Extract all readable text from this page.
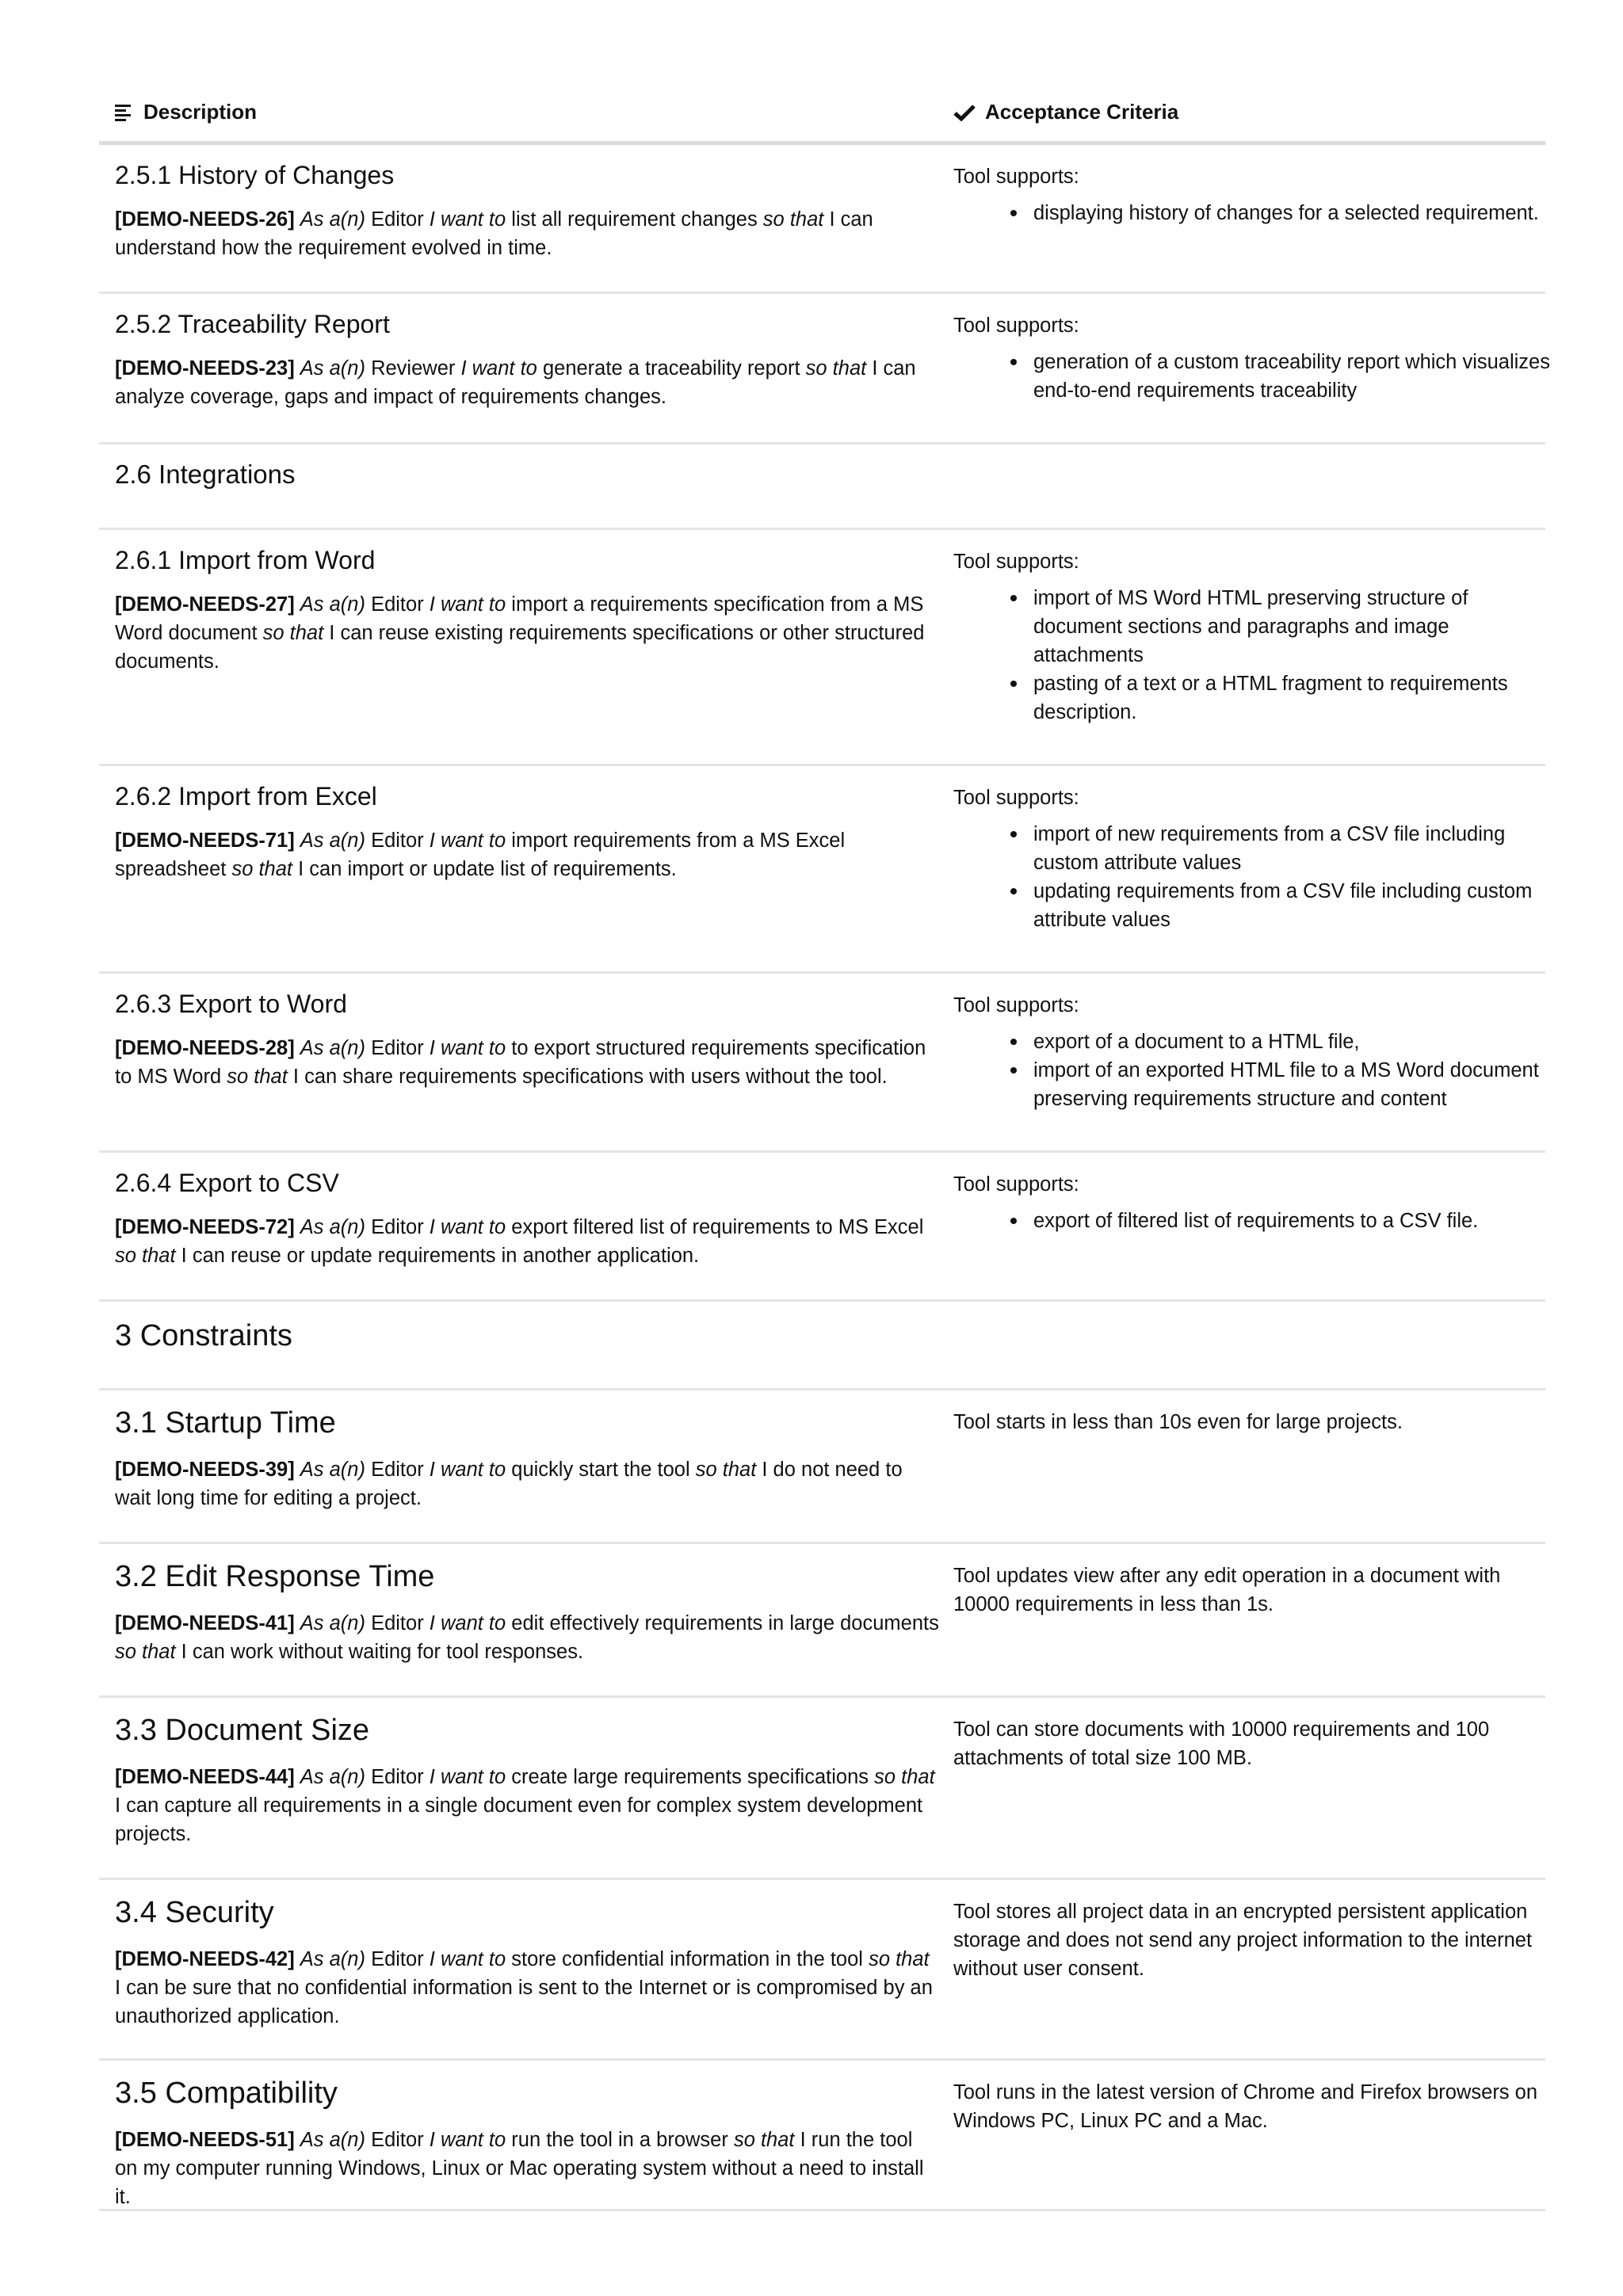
Description	Acceptance Criteria
2.5.1 History of Changes
[DEMO-NEEDS-26] As a(n) Editor I want to list all requirement changes so that I can understand how the requirement evolved in time.
Tool supports:
displaying history of changes for a selected requirement.
2.5.2 Traceability Report
[DEMO-NEEDS-23] As a(n) Reviewer I want to generate a traceability report so that I can analyze coverage, gaps and impact of requirements changes.
Tool supports:
generation of a custom traceability report which visualizes end-to-end requirements traceability
2.6 Integrations
2.6.1 Import from Word
[DEMO-NEEDS-27] As a(n) Editor I want to import a requirements specification from a MS Word document so that I can reuse existing requirements specifications or other structured documents.
Tool supports:
import of MS Word HTML preserving structure of document sections and paragraphs and image attachments
pasting of a text or a HTML fragment to requirements description.
2.6.2 Import from Excel
[DEMO-NEEDS-71] As a(n) Editor I want to import requirements from a MS Excel spreadsheet so that I can import or update list of requirements.
Tool supports:
import of new requirements from a CSV file including custom attribute values
updating requirements from a CSV file including custom attribute values
2.6.3 Export to Word
[DEMO-NEEDS-28] As a(n) Editor I want to to export structured requirements specification to MS Word so that I can share requirements specifications with users without the tool.
Tool supports:
export of a document to a HTML file,
import of an exported HTML file to a MS Word document preserving requirements structure and content
2.6.4 Export to CSV
[DEMO-NEEDS-72] As a(n) Editor I want to export filtered list of requirements to MS Excel so that I can reuse or update requirements in another application.
Tool supports:
export of filtered list of requirements to a CSV file.
3 Constraints
3.1 Startup Time
[DEMO-NEEDS-39] As a(n) Editor I want to quickly start the tool so that I do not need to wait long time for editing a project.
Tool starts in less than 10s even for large projects.
3.2 Edit Response Time
[DEMO-NEEDS-41] As a(n) Editor I want to edit effectively requirements in large documents so that I can work without waiting for tool responses.
Tool updates view after any edit operation in a document with 10000 requirements in less than 1s.
3.3 Document Size
[DEMO-NEEDS-44] As a(n) Editor I want to create large requirements specifications so that I can capture all requirements in a single document even for complex system development projects.
Tool can store documents with 10000 requirements and 100 attachments of total size 100 MB.
3.4 Security
[DEMO-NEEDS-42] As a(n) Editor I want to store confidential information in the tool so that I can be sure that no confidential information is sent to the Internet or is compromised by an unauthorized application.
Tool stores all project data in an encrypted persistent application storage and does not send any project information to the internet without user consent.
3.5 Compatibility
[DEMO-NEEDS-51] As a(n) Editor I want to run the tool in a browser so that I run the tool on my computer running Windows, Linux or Mac operating system without a need to install it.
Tool runs in the latest version of Chrome and Firefox browsers on Windows PC, Linux PC and a Mac.
